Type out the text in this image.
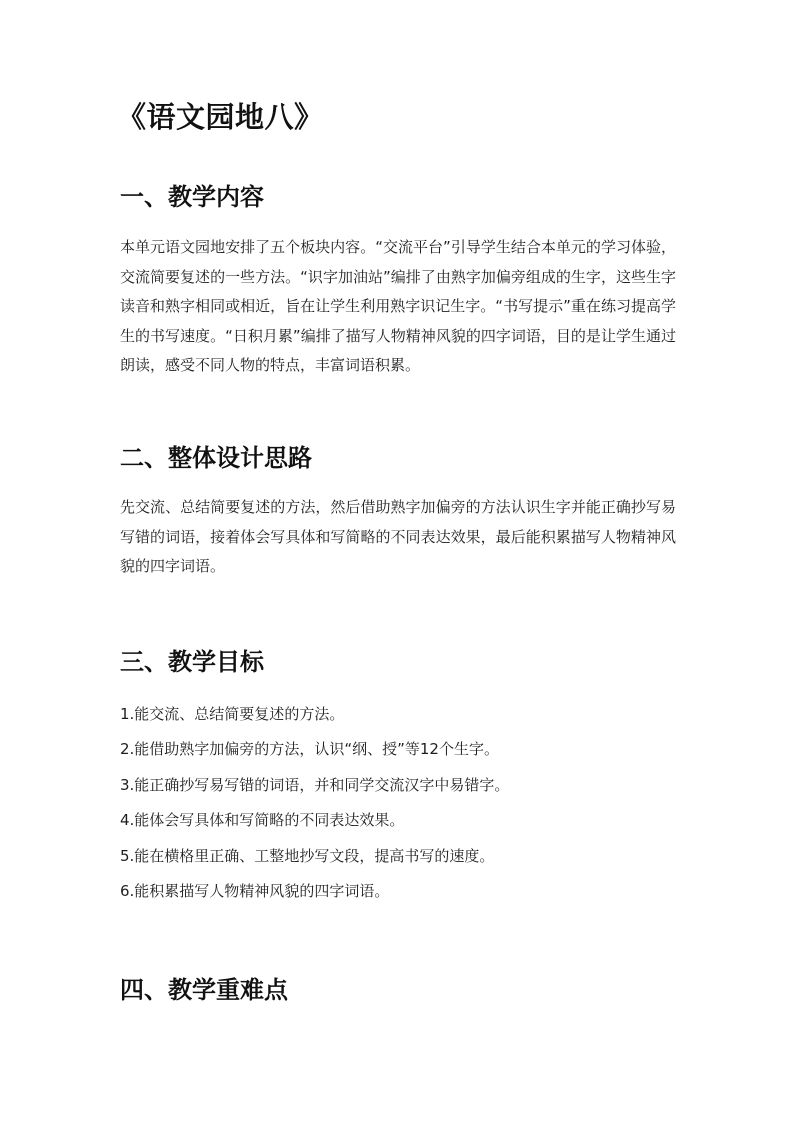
《语文园地八》
一、教学内容
本单元语文园地安排了五个板块内容。“交流平台”引导学生结合本单元的学习体验，交流简要复述的一些方法。“识字加油站”编排了由熟字加偏旁组成的生字，这些生字读音和熟字相同或相近，旨在让学生利用熟字识记生字。“书写提示”重在练习提高学生的书写速度。“日积月累”编排了描写人物精神风貌的四字词语，目的是让学生通过朗读，感受不同人物的特点，丰富词语积累。
二、整体设计思路
先交流、总结简要复述的方法，然后借助熟字加偏旁的方法认识生字并能正确抄写易写错的词语，接着体会写具体和写简略的不同表达效果，最后能积累描写人物精神风貌的四字词语。
三、教学目标
1.能交流、总结简要复述的方法。
2.能借助熟字加偏旁的方法，认识“纲、授”等12个生字。
3.能正确抄写易写错的词语，并和同学交流汉字中易错字。
4.能体会写具体和写简略的不同表达效果。
5.能在横格里正确、工整地抄写文段，提高书写的速度。
6.能积累描写人物精神风貌的四字词语。
四、教学重难点
